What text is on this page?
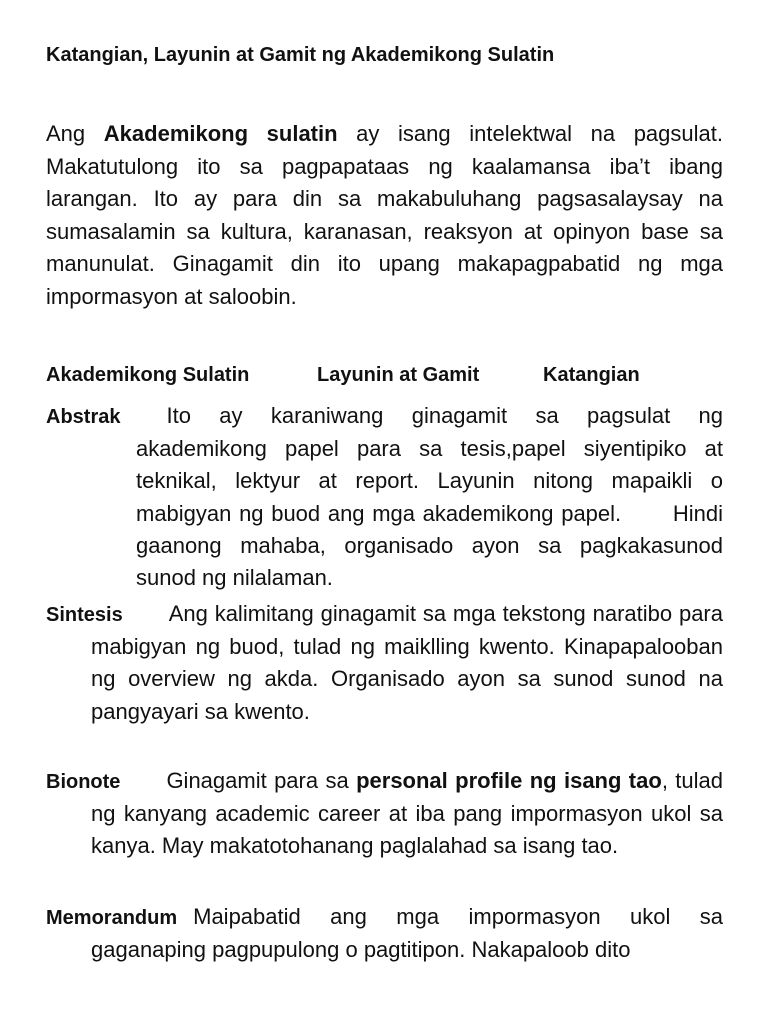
Katangian, Layunin at Gamit ng Akademikong Sulatin

Ang Akademikong sulatin ay isang intelektwal na pagsulat. Makatutulong ito sa pagpapataas ng kaalamansa iba’t ibang larangan. Ito ay para din sa makabuluhang pagsasalaysay na sumasalamin sa kultura, karanasan, reaksyon at opinyon base sa manunulat. Ginagamit din ito upang makapagpabatid ng mga impormasyon at saloobin.

Akademikong Sulatin	Layunin at Gamit	Katangian

Abstrak Ito ay karaniwang ginagamit sa pagsulat ng akademikong papel para sa tesis,papel siyentipiko at teknikal, lektyur at report. Layunin nitong mapaikli o mabigyan ng buod ang mga akademikong papel. Hindi gaanong mahaba, organisado ayon sa pagkakasunod sunod ng nilalaman.

Sintesis Ang kalimitang ginagamit sa mga tekstong naratibo para mabigyan ng buod, tulad ng maiklling kwento. Kinapapalooban ng overview ng akda. Organisado ayon sa sunod sunod na pangyayari sa kwento.

Bionote Ginagamit para sa personal profile ng isang tao, tulad ng kanyang academic career at iba pang impormasyon ukol sa kanya. May makatotohanang paglalahad sa isang tao.

Memorandum Maipabatid ang mga impormasyon ukol sa gaganaping pagpupulong o pagtitipon. Nakapaloob dito
